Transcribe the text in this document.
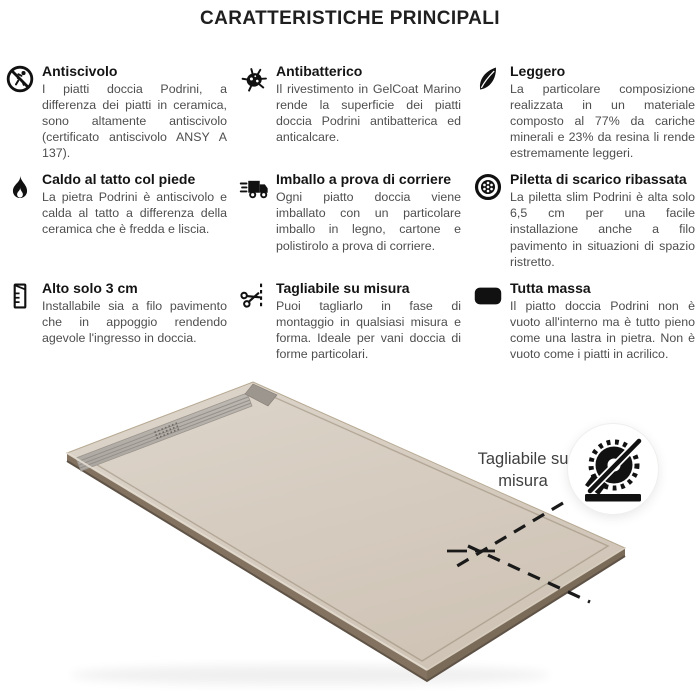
CARATTERISTICHE PRINCIPALI

Antiscivolo

I piatti doccia Podrini, a differenza dei piatti in ceramica, sono altamente antiscivolo (certificato antiscivolo ANSY A 137).

Antibatterico

Il rivestimento in GelCoat Marino rende la superficie dei piatti doccia Podrini antibatterica ed anticalcare.

Leggero

La particolare composizione realizzata in un materiale composto al 77% da cariche minerali e 23% da resina li rende estremamente leggeri.

Caldo al tatto col piede

La pietra Podrini è antiscivolo e calda al tatto a differenza della ceramica che è fredda e liscia.

Imballo a prova di corriere

Ogni piatto doccia viene imballato con un particolare imballo in legno, cartone e polistirolo a prova di corriere.

Piletta di scarico ribassata

La piletta slim Podrini è alta solo 6,5 cm per una facile installazione anche a filo pavimento in situazioni di spazio ristretto.

Alto solo 3 cm

Installabile sia a filo pavimento che in appoggio rendendo agevole l'ingresso in doccia.

Tagliabile su misura

Puoi tagliarlo in fase di montaggio in qualsiasi misura e forma. Ideale per vani doccia di forme particolari.

Tutta massa

Il piatto doccia Podrini non è vuoto all'interno ma è tutto pieno come una lastra in pietra. Non è vuoto come i piatti in acrilico.

Tagliabile su misura
